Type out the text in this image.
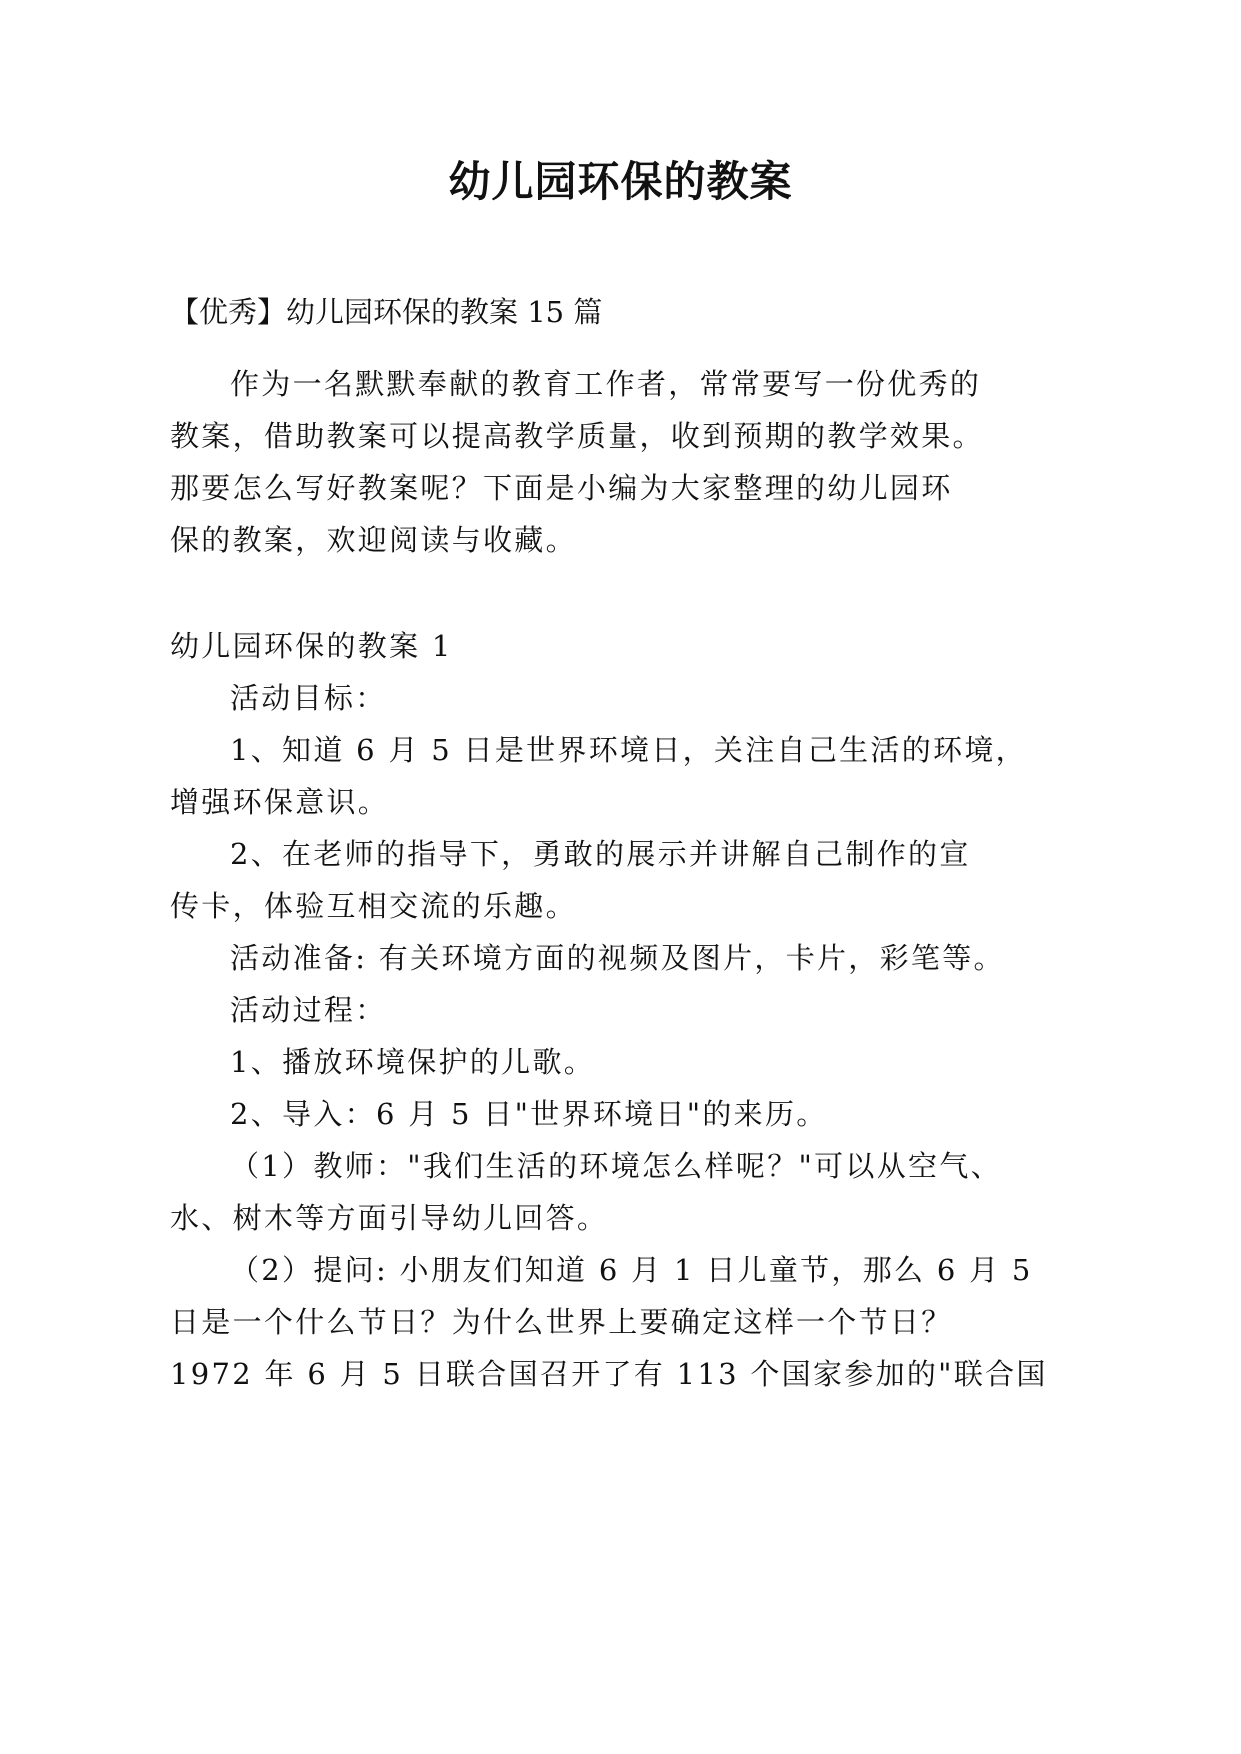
幼儿园环保的教案
【优秀】幼儿园环保的教案 15 篇
作为一名默默奉献的教育工作者，常常要写一份优秀的
教案，借助教案可以提高教学质量，收到预期的教学效果。
那要怎么写好教案呢？下面是小编为大家整理的幼儿园环
保的教案，欢迎阅读与收藏。
幼儿园环保的教案 1
活动目标：
1、知道 6 月 5 日是世界环境日，关注自己生活的环境，
增强环保意识。
2、在老师的指导下，勇敢的展示并讲解自己制作的宣
传卡，体验互相交流的乐趣。
活动准备: 有关环境方面的视频及图片，卡片，彩笔等。
活动过程：
1、播放环境保护的儿歌。
2、导入：6 月 5 日"世界环境日"的来历。
（1）教师："我们生活的环境怎么样呢？"可以从空气、
水、树木等方面引导幼儿回答。
（2）提问: 小朋友们知道 6 月 1 日儿童节，那么 6 月 5
日是一个什么节日？为什么世界上要确定这样一个节日？
1972 年 6 月 5 日联合国召开了有 113 个国家参加的"联合国
